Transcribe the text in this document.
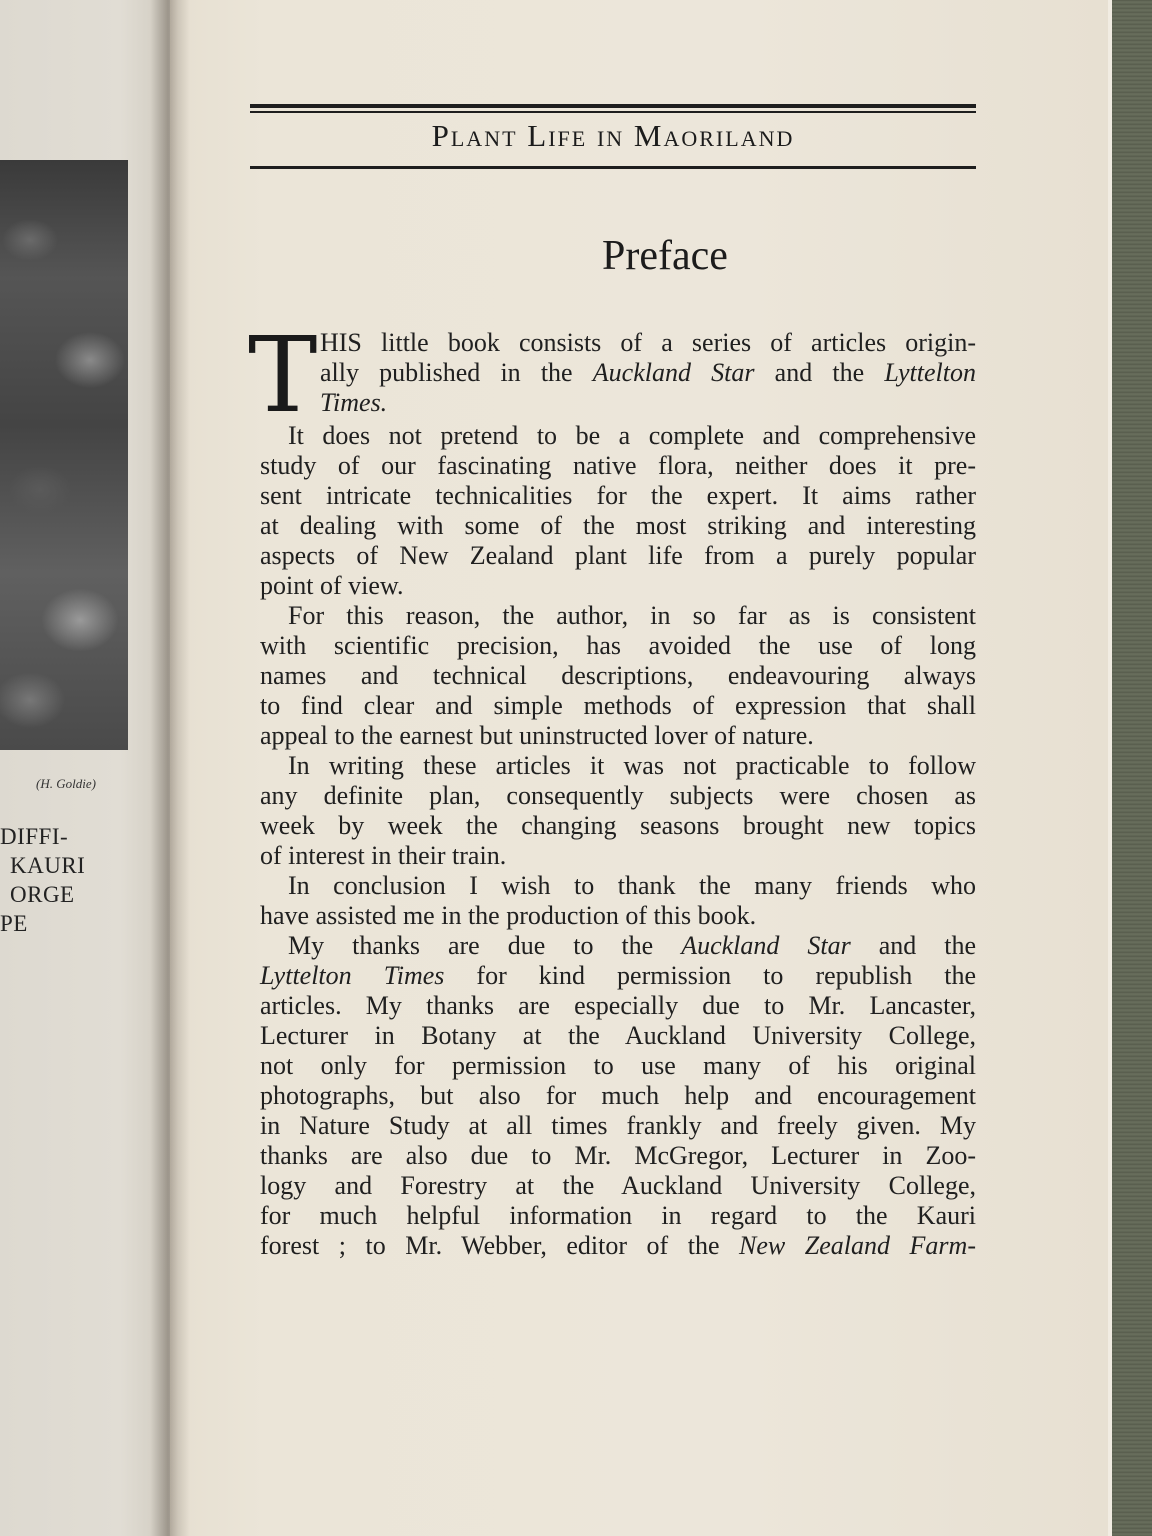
(H. Goldie)
DIFFI-
KAURI
ORGE
PE
Plant Life in Maoriland
Preface
T HIS little book consists of a series of articles origin-
ally published in the Auckland Star and the Lyttelton
Times.
It does not pretend to be a complete and comprehensive
study of our fascinating native flora, neither does it pre-
sent intricate technicalities for the expert. It aims rather
at dealing with some of the most striking and interesting
aspects of New Zealand plant life from a purely popular
point of view.
For this reason, the author, in so far as is consistent
with scientific precision, has avoided the use of long
names and technical descriptions, endeavouring always
to find clear and simple methods of expression that shall
appeal to the earnest but uninstructed lover of nature.
In writing these articles it was not practicable to follow
any definite plan, consequently subjects were chosen as
week by week the changing seasons brought new topics
of interest in their train.
In conclusion I wish to thank the many friends who
have assisted me in the production of this book.
My thanks are due to the Auckland Star and the
Lyttelton Times for kind permission to republish the
articles. My thanks are especially due to Mr. Lancaster,
Lecturer in Botany at the Auckland University College,
not only for permission to use many of his original
photographs, but also for much help and encouragement
in Nature Study at all times frankly and freely given. My
thanks are also due to Mr. McGregor, Lecturer in Zoo-
logy and Forestry at the Auckland University College,
for much helpful information in regard to the Kauri
forest ; to Mr. Webber, editor of the New Zealand Farm-
